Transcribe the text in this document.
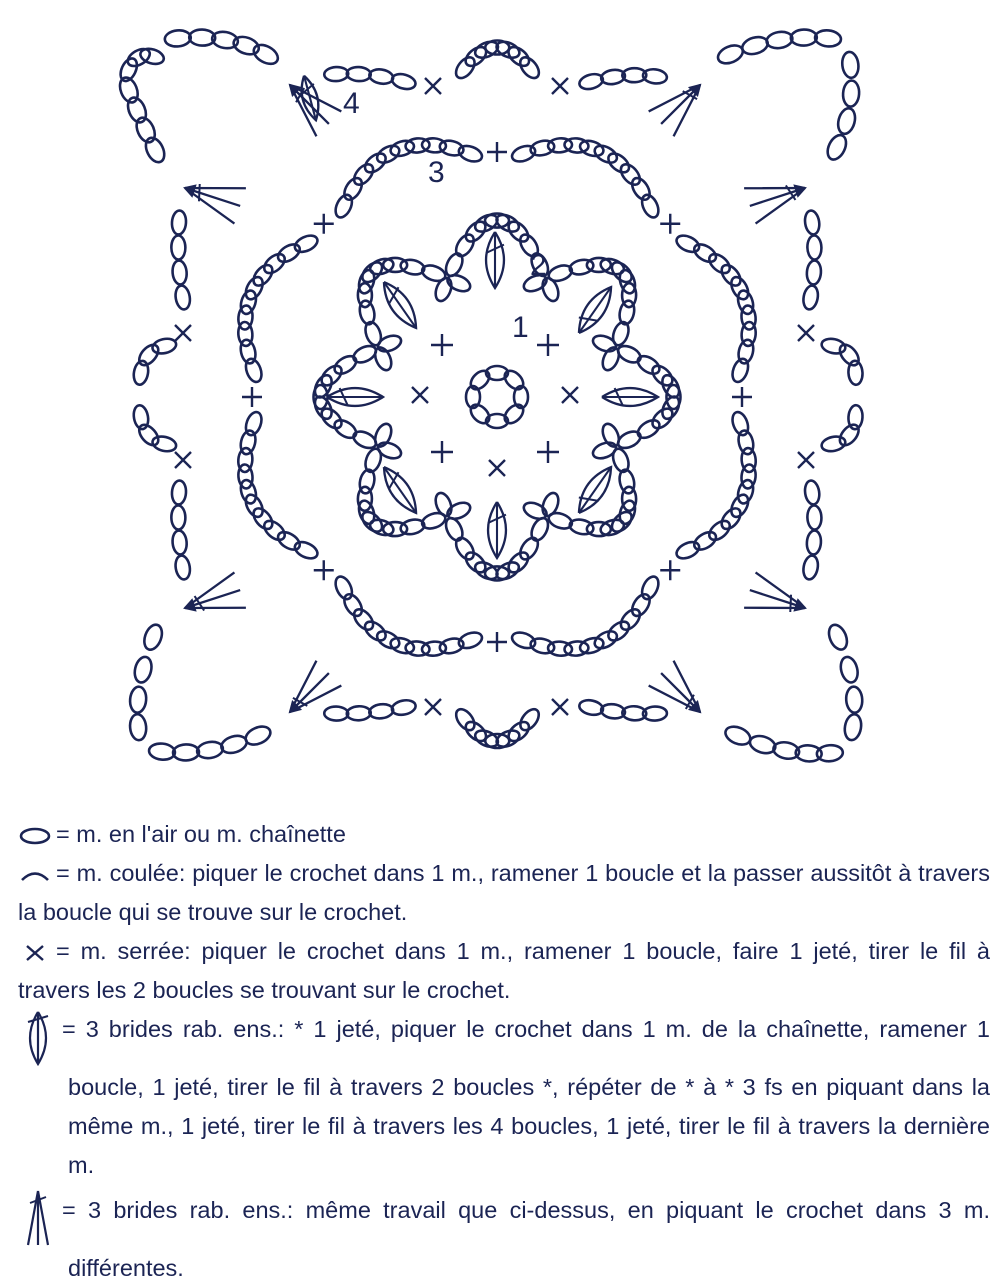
1
2
3
4
= m. en l'air ou m. chaînette
= m. coulée: piquer le crochet dans 1 m., ramener 1 boucle et la passer aussitôt à travers la boucle qui se trouve sur le crochet.
= m. serrée: piquer le crochet dans 1 m., ramener 1 boucle, faire 1 jeté, tirer le fil à travers les 2 boucles se trouvant sur le crochet.
= 3 brides rab. ens.: * 1 jeté, piquer le crochet dans 1 m. de la chaînette, ramener 1 boucle, 1 jeté, tirer le fil à travers 2 boucles *, répéter de * à * 3 fs en piquant dans la même m., 1 jeté, tirer le fil à travers les 4 boucles, 1 jeté, tirer le fil à travers la dernière m.
= 3 brides rab. ens.: même travail que ci-dessus, en piquant le crochet dans 3 m. différentes.
